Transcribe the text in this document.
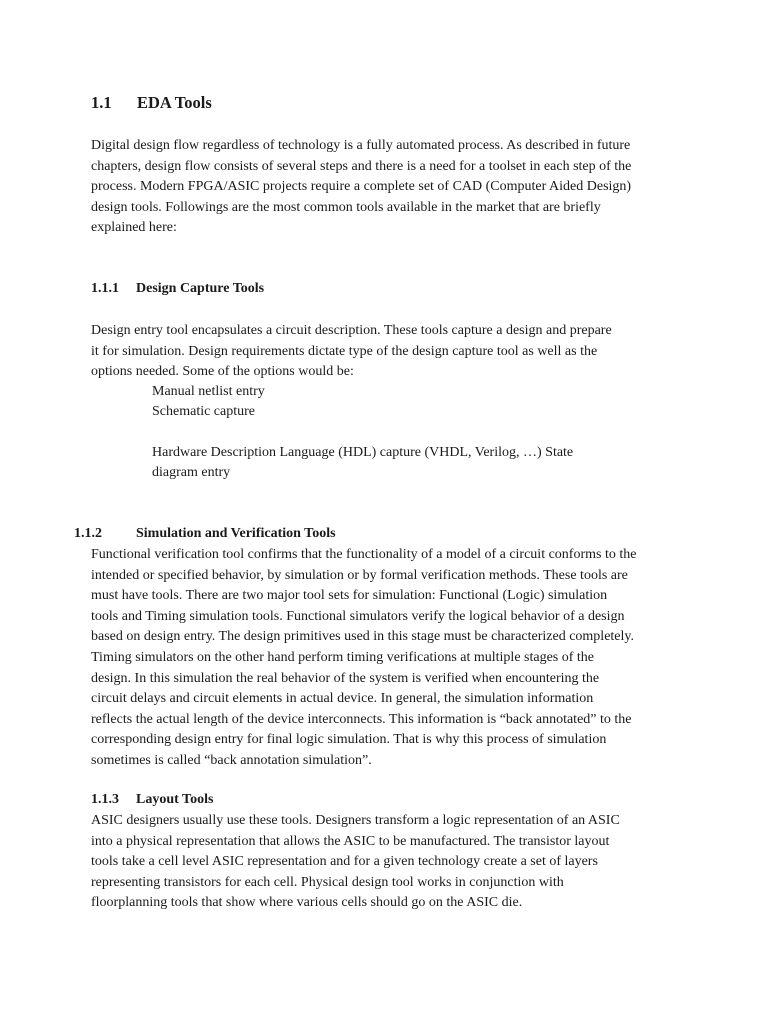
1.1 EDA Tools
Digital design flow regardless of technology is a fully automated process. As described in future
chapters, design flow consists of several steps and there is a need for a toolset in each step of the
process. Modern FPGA/ASIC projects require a complete set of CAD (Computer Aided Design)
design tools. Followings are the most common tools available in the market that are briefly
explained here:
1.1.1 Design Capture Tools
Design entry tool encapsulates a circuit description. These tools capture a design and prepare
it for simulation. Design requirements dictate type of the design capture tool as well as the
options needed. Some of the options would be:
Manual netlist entry
Schematic capture
Hardware Description Language (HDL) capture (VHDL, Verilog, …) State
diagram entry
1.1.2 Simulation and Verification Tools
Functional verification tool confirms that the functionality of a model of a circuit conforms to the
intended or specified behavior, by simulation or by formal verification methods. These tools are
must have tools. There are two major tool sets for simulation: Functional (Logic) simulation
tools and Timing simulation tools. Functional simulators verify the logical behavior of a design
based on design entry. The design primitives used in this stage must be characterized completely.
Timing simulators on the other hand perform timing verifications at multiple stages of the
design. In this simulation the real behavior of the system is verified when encountering the
circuit delays and circuit elements in actual device. In general, the simulation information
reflects the actual length of the device interconnects. This information is “back annotated” to the
corresponding design entry for final logic simulation. That is why this process of simulation
sometimes is called “back annotation simulation”.
1.1.3 Layout Tools
ASIC designers usually use these tools. Designers transform a logic representation of an ASIC
into a physical representation that allows the ASIC to be manufactured. The transistor layout
tools take a cell level ASIC representation and for a given technology create a set of layers
representing transistors for each cell. Physical design tool works in conjunction with
floorplanning tools that show where various cells should go on the ASIC die.
